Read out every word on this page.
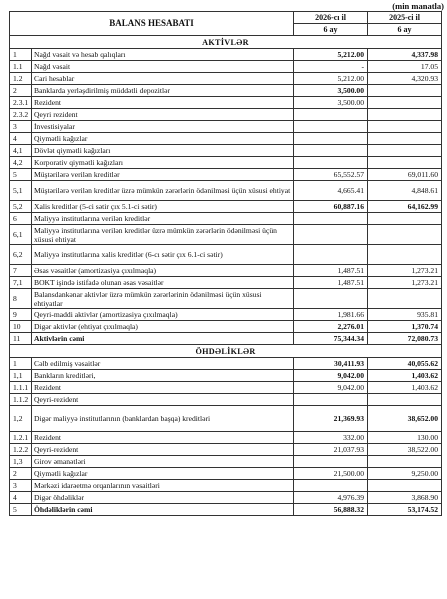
(min manatla)
BALANS HESABATI		2026-cı il	2025-ci il
		6 ay	6 ay
AKTİVLƏR			
1	Nağd vəsait və hesab qalıqları	5,212.00	4,337.98
1.1	Nağd vəsait	-	17.05
1.2	Cari hesablar	5,212.00	4,320.93
2	Banklarda yerləşdirilmiş müddətli depozitlər	3,500.00	
2.3.1	Rezident	3,500.00	
2.3.2	Qeyri rezident		
3	İnvestisiyalar		
4	Qiymətli kağızlar		
4,1	Dövlət qiymətli kağızları		
4,2	Korporativ qiymətli kağızları		
5	Müştərilərə verilən kreditlər	65,552.57	69,011.60
5,1	Müştərilərə verilən kreditlər üzrə mümkün zərərlərin ödənilməsi üçün xüsusi ehtiyat	4,665.41	4,848.61
5,2	Xalis kreditlər (5-ci sətir çıx 5.1-ci sətir)	60,887.16	64,162.99
6	Maliyyə institutlarına verilən kreditlər		
6,1	Maliyyə institutlarına verilən kreditlər üzrə mümkün zərərlərin ödənilməsi üçün xüsusi ehtiyat		
6,2	Maliyyə institutlarına xalis kreditlər (6-cı sətir çıx 6.1-ci sətir)		
7	Əsas vəsaitlər (amortizasiya çıxılmaqla)	1,487.51	1,273.21
7,1	BOKT işində istifadə olunan əsas vəsaitlər	1,487.51	1,273.21
8	Balansdankənar aktivlər üzrə mümkün zərərlərinin ödənilməsi üçün xüsusi ehtiyatlar		
9	Qeyri-maddi aktivlər (amortizasiya çıxılmaqla)	1,981.66	935.81
10	Digər aktivlər (ehtiyat çıxılmaqla)	2,276.01	1,370.74
11	Aktivlərin cəmi	75,344.34	72,080.73
ÖHDƏLİKLƏR			
1	Cəlb edilmiş vəsaitlər	30,411.93	40,055.62
1,1	Bankların kreditləri,	9,042.00	1,403.62
1.1.1	Rezident	9,042.00	1,403.62
1.1.2	Qeyri-rezident		
1,2	Digər maliyyə institutlarının (banklardan başqa) kreditləri	21,369.93	38,652.00
1.2.1	Rezident	332.00	130.00
1.2.2	Qeyri-rezident	21,037.93	38,522.00
1,3	Girov əmanətləri		
2	Qiymətli kağızlar	21,500.00	9,250.00
3	Mərkəzi idarəetmə orqanlarının vəsaitləri		
4	Digər öhdəliklər	4,976.39	3,868.90
5	Öhdəliklərin cəmi	56,888.32	53,174.52
